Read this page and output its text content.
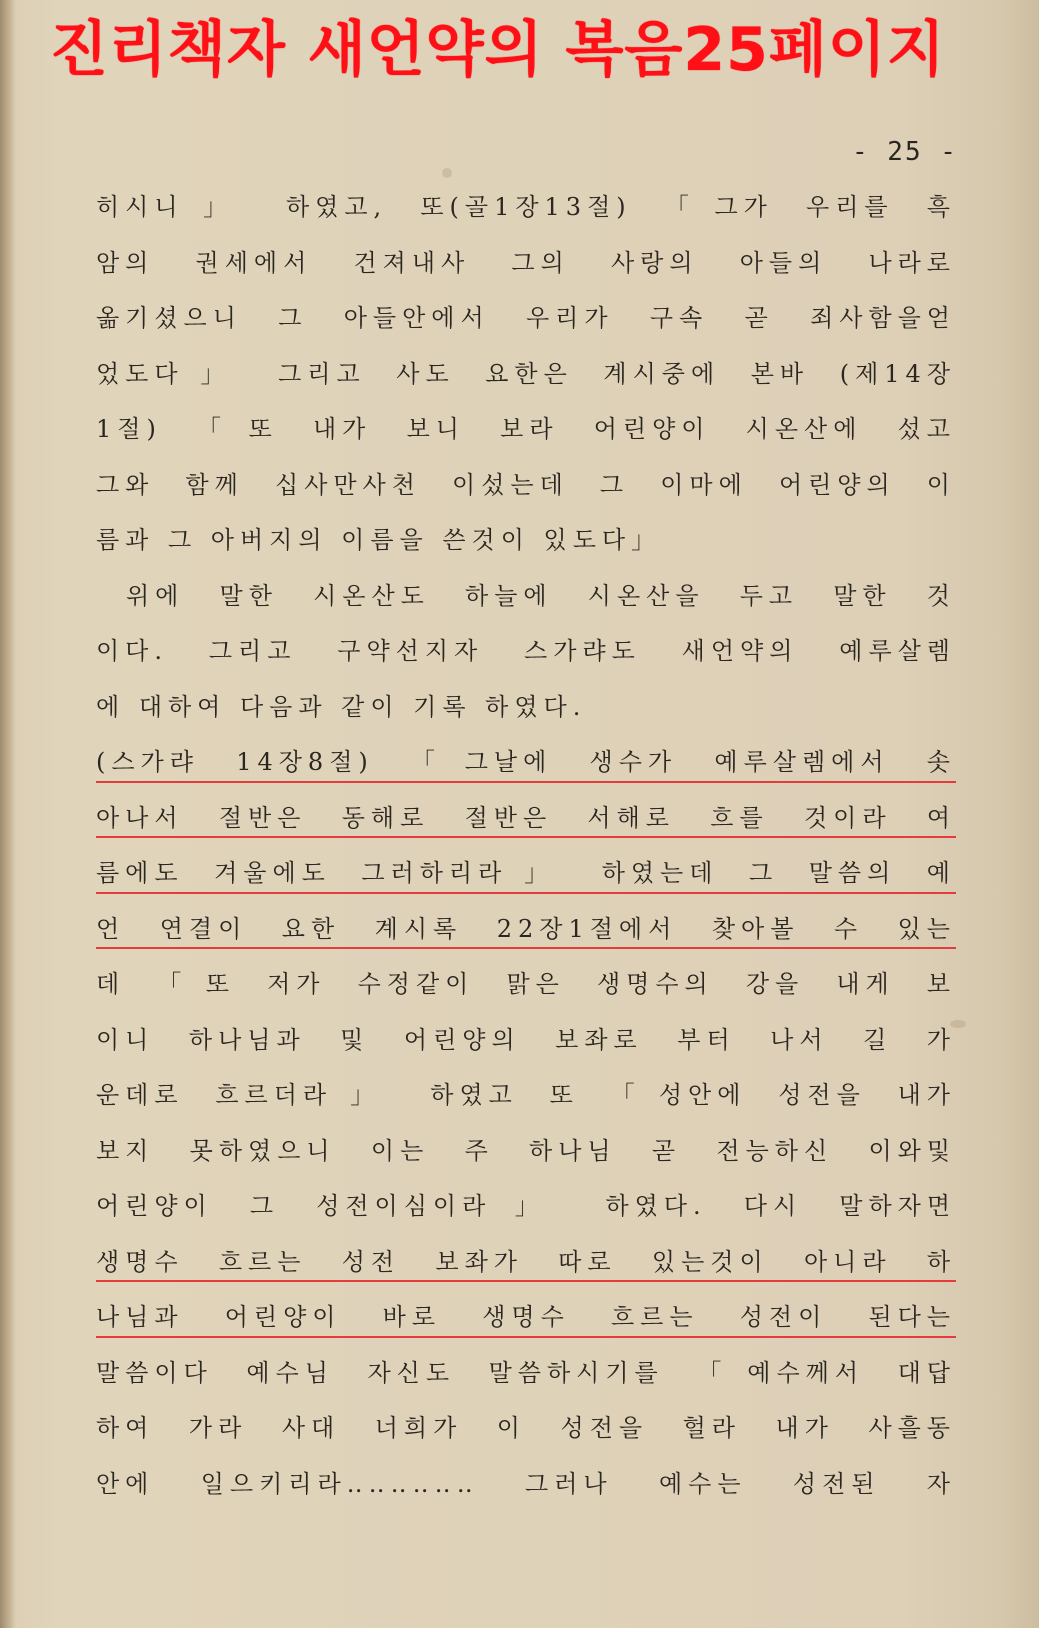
진리책자 새언약의 복음25페이지
- 25 -
히시니」 하였고, 또(골1장13절) 「그가 우리를 흑
암의 권세에서 건져내사 그의 사랑의 아들의 나라로
옮기셨으니 그 아들안에서 우리가 구속 곧 죄사함을얻
었도다」 그리고 사도 요한은 계시중에 본바 (제14장
1절) 「또 내가 보니 보라 어린양이 시온산에 섰고
그와 함께 십사만사천 이섰는데 그 이마에 어린양의 이
름과 그 아버지의 이름을 쓴것이 있도다」
위에 말한 시온산도 하늘에 시온산을 두고 말한 것
이다. 그리고 구약선지자 스가랴도 새언약의 예루살렘
에 대하여 다음과 같이 기록 하였다.
(스가랴 14장8절) 「그날에 생수가 예루살렘에서 솟
아나서 절반은 동해로 절반은 서해로 흐를 것이라 여
름에도 겨울에도 그러하리라」 하였는데 그 말씀의 예
언 연결이 요한 계시록 22장1절에서 찾아볼 수 있는
데 「또 저가 수정같이 맑은 생명수의 강을 내게 보
이니 하나님과 및 어린양의 보좌로 부터 나서 길 가
운데로 흐르더라」 하였고 또 「성안에 성전을 내가
보지 못하였으니 이는 주 하나님 곧 전능하신 이와및
어린양이 그 성전이심이라」 하였다. 다시 말하자면
생명수 흐르는 성전 보좌가 따로 있는것이 아니라 하
나님과 어린양이 바로 생명수 흐르는 성전이 된다는
말씀이다 예수님 자신도 말씀하시기를 「예수께서 대답
하여 가라 사대 너희가 이 성전을 헐라 내가 사흘동
안에 일으키리라‥‥‥‥‥‥ 그러나 예수는 성전된 자
